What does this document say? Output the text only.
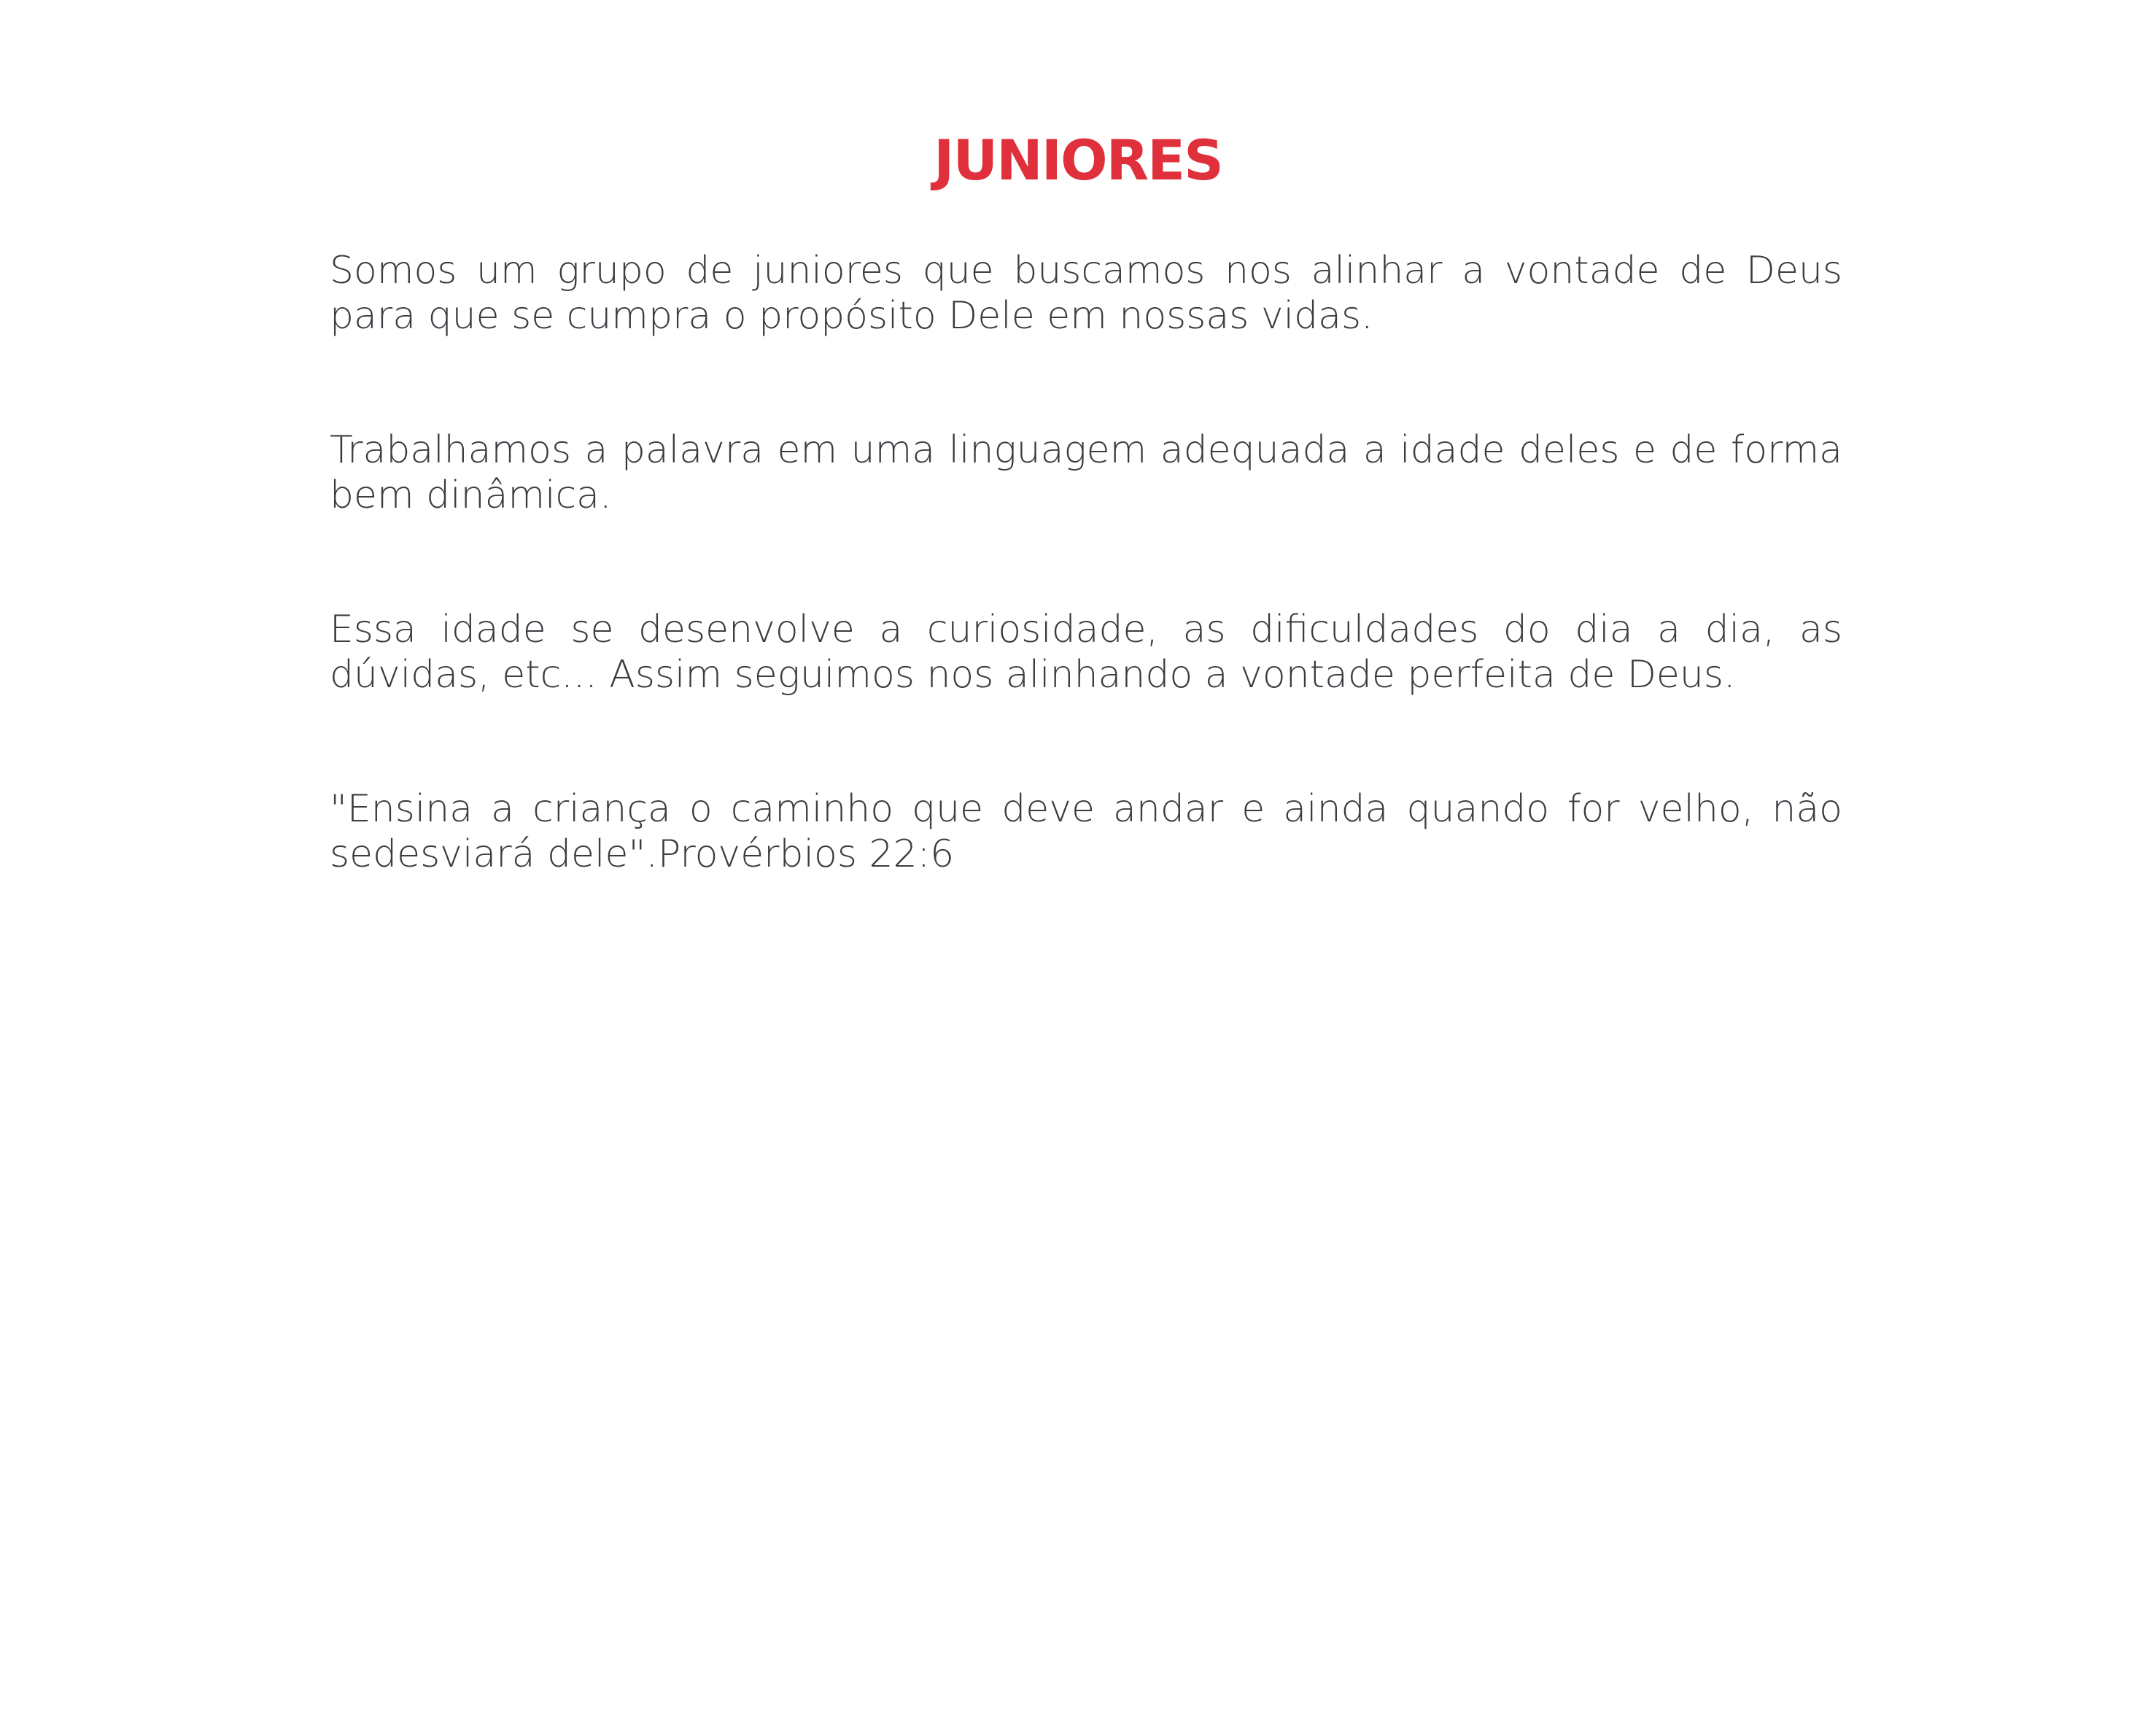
JUNIORES

Somos um grupo de juniores que buscamos nos alinhar a vontade de Deus para que se cumpra o propósito Dele em nossas vidas.

Trabalhamos a palavra em uma linguagem adequada a idade deles e de forma bem dinâmica.

Essa idade se desenvolve a curiosidade, as dificuldades do dia a dia, as dúvidas, etc... Assim seguimos nos alinhando a vontade perfeita de Deus.

"Ensina a criança o caminho que deve andar e ainda quando for velho, não sedesviará dele".Provérbios 22:6
